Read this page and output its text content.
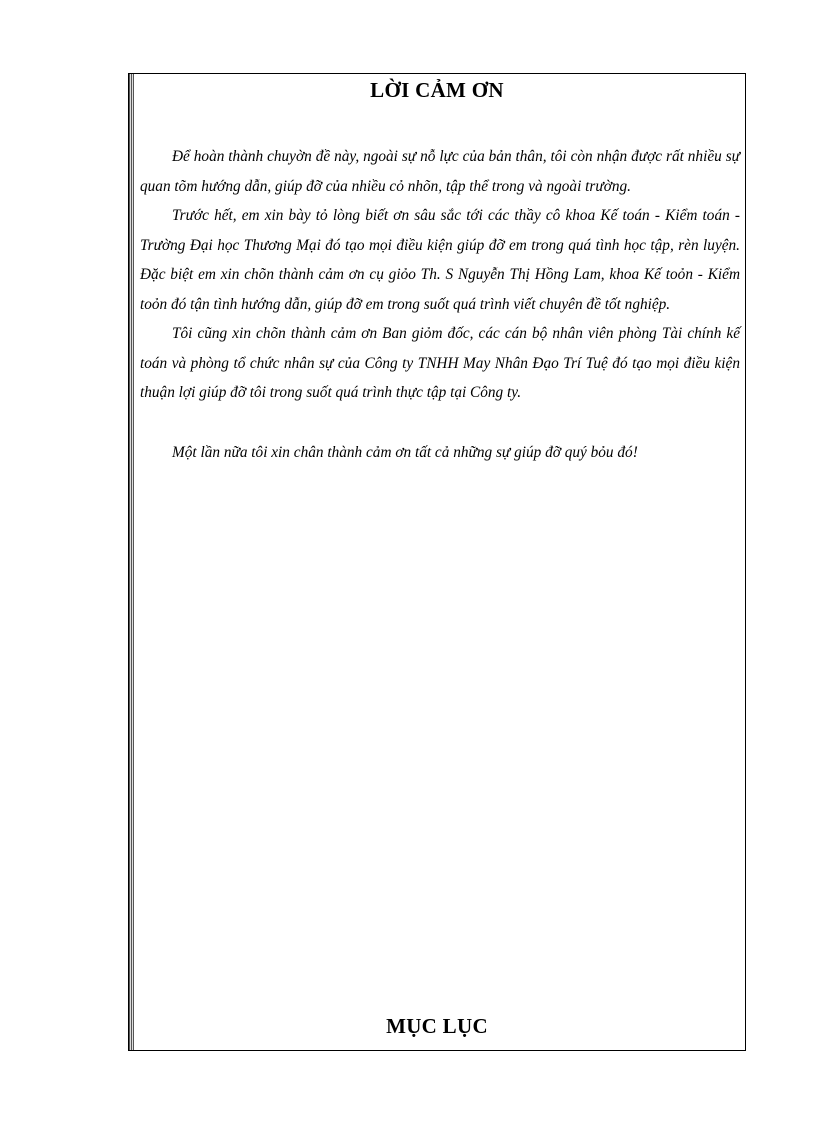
LỜI CẢM ƠN

Để hoàn thành chuyờn đề này, ngoài sự nỗ lực của bản thân, tôi còn nhận được rất nhiều sự quan tõm hướng dẫn, giúp đỡ của nhiều cỏ nhõn, tập thể trong và ngoài trường.

Trước hết, em xin bày tỏ lòng biết ơn sâu sắc tới các thầy cô khoa Kế toán - Kiểm toán - Trường Đại học Thương Mại đó tạo mọi điều kiện giúp đỡ em trong quá tình học tập, rèn luyện. Đặc biệt em xin chõn thành cảm ơn cụ giỏo Th. S Nguyễn Thị Hồng Lam, khoa Kế toỏn - Kiểm toỏn đó tận tình hướng dẫn, giúp đỡ em trong suốt quá trình viết chuyên đề tốt nghiệp.

Tôi cũng xin chõn thành cảm ơn Ban giỏm đốc, các cán bộ nhân viên phòng Tài chính kế toán và phòng tổ chức nhân sự của Công ty TNHH May Nhân Đạo Trí Tuệ đó tạo mọi điều kiện thuận lợi giúp đỡ tôi trong suốt quá trình thực tập tại Công ty.

Một lần nữa tôi xin chân thành cảm ơn tất cả những sự giúp đỡ quý bỏu đó!

MỤC LỤC
